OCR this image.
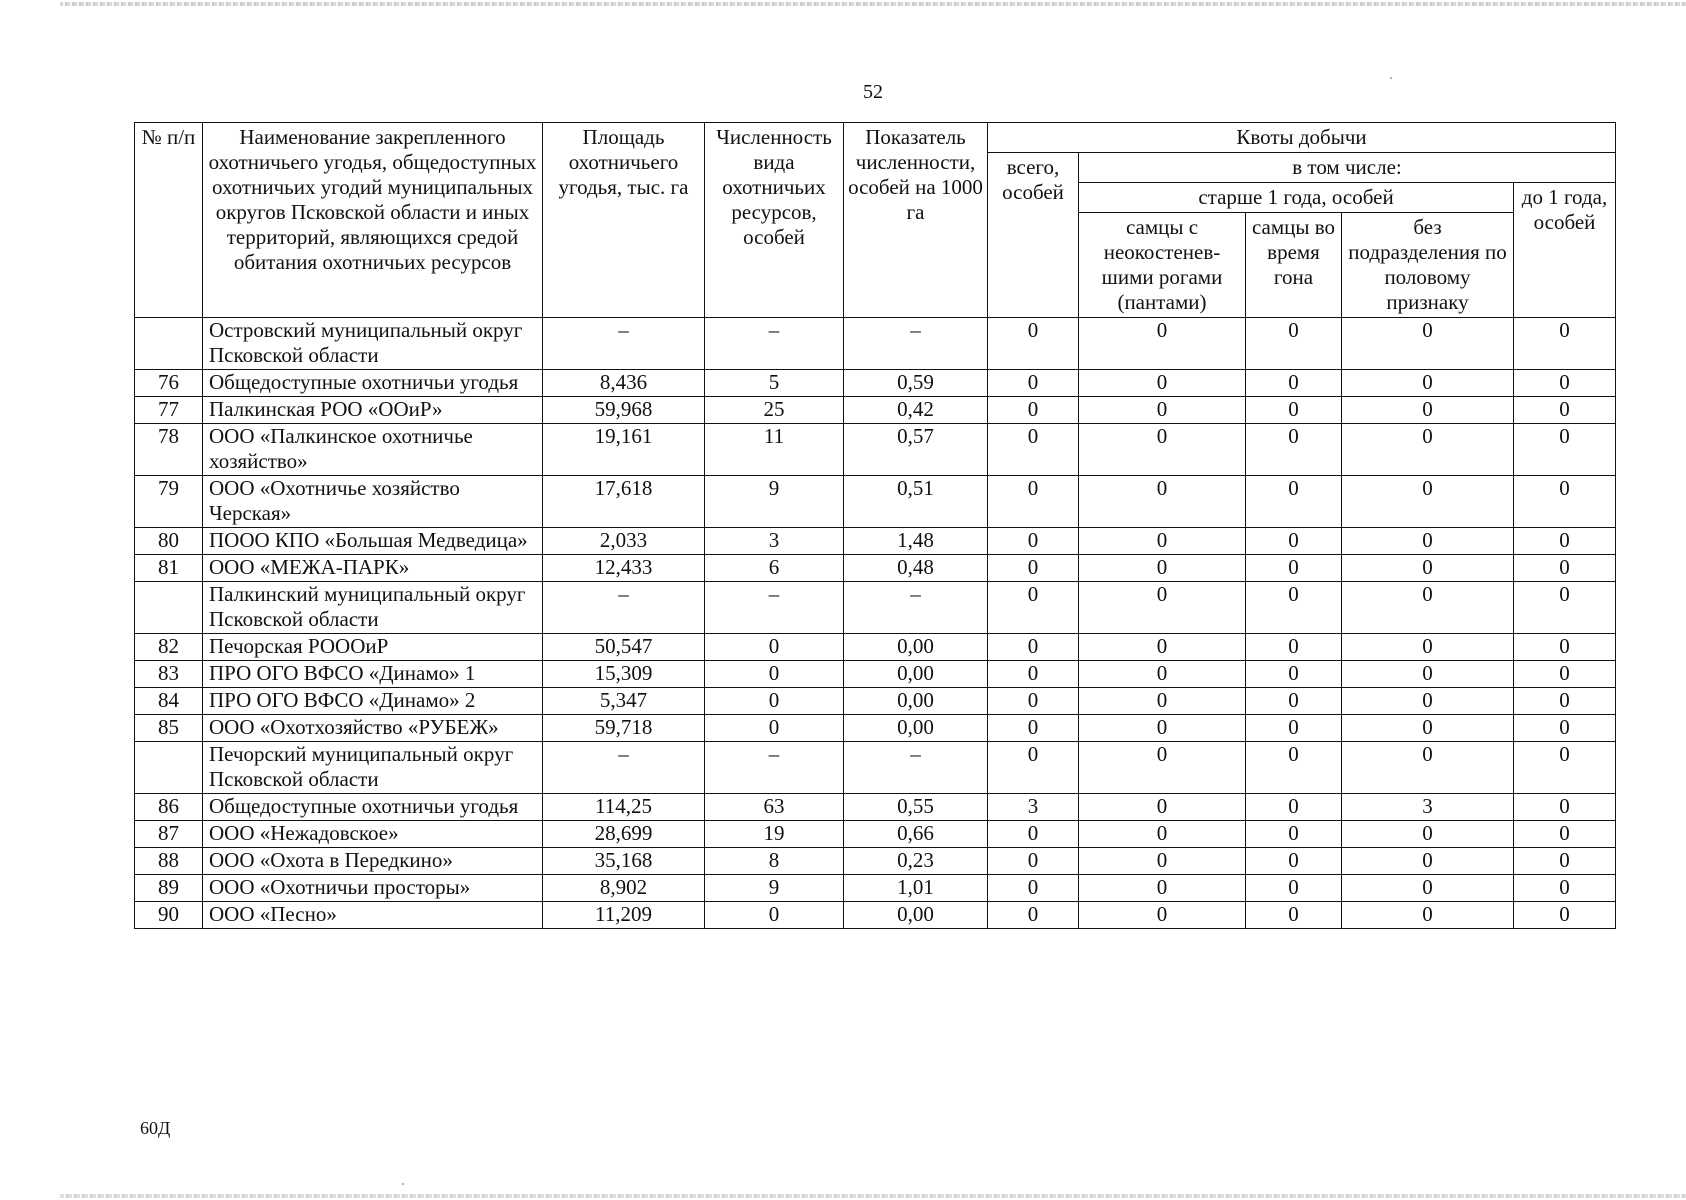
52
№ п/п	Наименование закрепленного охотничьего угодья, общедоступных охотничьих угодий муниципальных округов Псковской области и иных территорий, являющихся средой обитания охотничьих ресурсов	Площадь охотничьего угодья, тыс. га	Численность вида охотничьих ресурсов, особей	Показатель численности, особей на 1000 га	Квоты добычи				
					всего, особей	в том числе:			
						старше 1 года, особей			до 1 года, особей
						самцы с неокостенев-шими рогами (пантами)	самцы во время гона	без подразделения по половому признаку	
	Островский муниципальный округ Псковской области	–	–	–	0	0	0	0	0
76	Общедоступные охотничьи угодья	8,436	5	0,59	0	0	0	0	0
77	Палкинская РОО «ООиР»	59,968	25	0,42	0	0	0	0	0
78	ООО «Палкинское охотничье хозяйство»	19,161	11	0,57	0	0	0	0	0
79	ООО «Охотничье хозяйство Черская»	17,618	9	0,51	0	0	0	0	0
80	ПООО КПО «Большая Медведица»	2,033	3	1,48	0	0	0	0	0
81	ООО «МЕЖА-ПАРК»	12,433	6	0,48	0	0	0	0	0
	Палкинский муниципальный округ Псковской области	–	–	–	0	0	0	0	0
82	Печорская РОООиР	50,547	0	0,00	0	0	0	0	0
83	ПРО ОГО ВФСО «Динамо» 1	15,309	0	0,00	0	0	0	0	0
84	ПРО ОГО ВФСО «Динамо» 2	5,347	0	0,00	0	0	0	0	0
85	ООО «Охотхозяйство «РУБЕЖ»	59,718	0	0,00	0	0	0	0	0
	Печорский муниципальный округ Псковской области	–	–	–	0	0	0	0	0
86	Общедоступные охотничьи угодья	114,25	63	0,55	3	0	0	3	0
87	ООО «Нежадовское»	28,699	19	0,66	0	0	0	0	0
88	ООО «Охота в Передкино»	35,168	8	0,23	0	0	0	0	0
89	ООО «Охотничьи просторы»	8,902	9	1,01	0	0	0	0	0
90	ООО «Песно»	11,209	0	0,00	0	0	0	0	0
60Д
